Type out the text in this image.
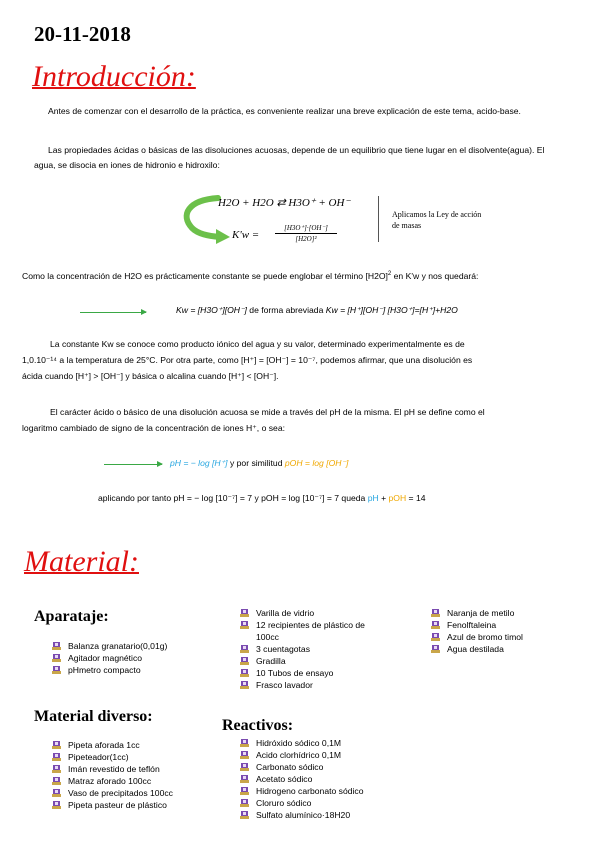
20-11-2018
Introducción:
Antes de comenzar con el desarrollo de la práctica, es conveniente realizar una breve explicación de este tema, acido-base.
Las propiedades ácidas o básicas de las disoluciones acuosas, depende de un equilibrio que tiene lugar en el disolvente(agua). El agua, se disocia en iones de hidronio e hidroxilo:
H2O + H2O ⇄ H3O⁺ + OH⁻
$K'w = \frac{[H3O^+]\cdot[OH^-]}{\text{[H2O]²}}$
Aplicamos la Ley de acción de masas
Como la concentración de H2O es prácticamente constante se puede englobar el término $[H2O]^2$ en K'w y nos quedará:
Kw = [H3O⁺][OH⁻] de forma abreviada Kw = [H⁺][OH⁻] [H3O⁺]=[H⁺]+H2O
La constante Kw se conoce como producto iónico del agua y su valor, determinado experimentalmente es de
1,0.10⁻¹⁴ a la temperatura de 25°C. Por otra parte, como [H⁺] = [OH⁻] = 10⁻⁷, podemos afirmar, que una disolución es
ácida cuando [H⁺] > [OH⁻] y básica o alcalina cuando [H⁺] < [OH⁻].
El carácter ácido o básico de una disolución acuosa se mide a través del pH de la misma. El pH se define como el
logaritmo cambiado de signo de la concentración de iones H⁺, o sea:
pH = − log [H⁺] y por similitud pOH = log [OH⁻]
aplicando por tanto pH = − log [10⁻⁷] = 7 y pOH = log [10⁻⁷] = 7 queda pH + pOH = 14
Material:
Aparataje:
Balanza granatario(0,01g)
Agitador magnético
pHmetro compacto
Material diverso:
Pipeta aforada 1cc
Pipeteador(1cc)
Imán revestido de teflón
Matraz aforado 100cc
Vaso de precipitados 100cc
Pipeta pasteur de plástico
Varilla de vidrio
12 recipientes de plástico de 100cc
3 cuentagotas
Gradilla
10 Tubos de ensayo
Frasco lavador
Reactivos:
Hidróxido sódico 0,1M
Acido clorhídrico 0,1M
Carbonato sódico
Acetato sódico
Hidrogeno carbonato sódico
Cloruro sódico
Sulfato alumínico·18H20
Naranja de metilo
Fenolftaleina
Azul de bromo timol
Agua destilada
